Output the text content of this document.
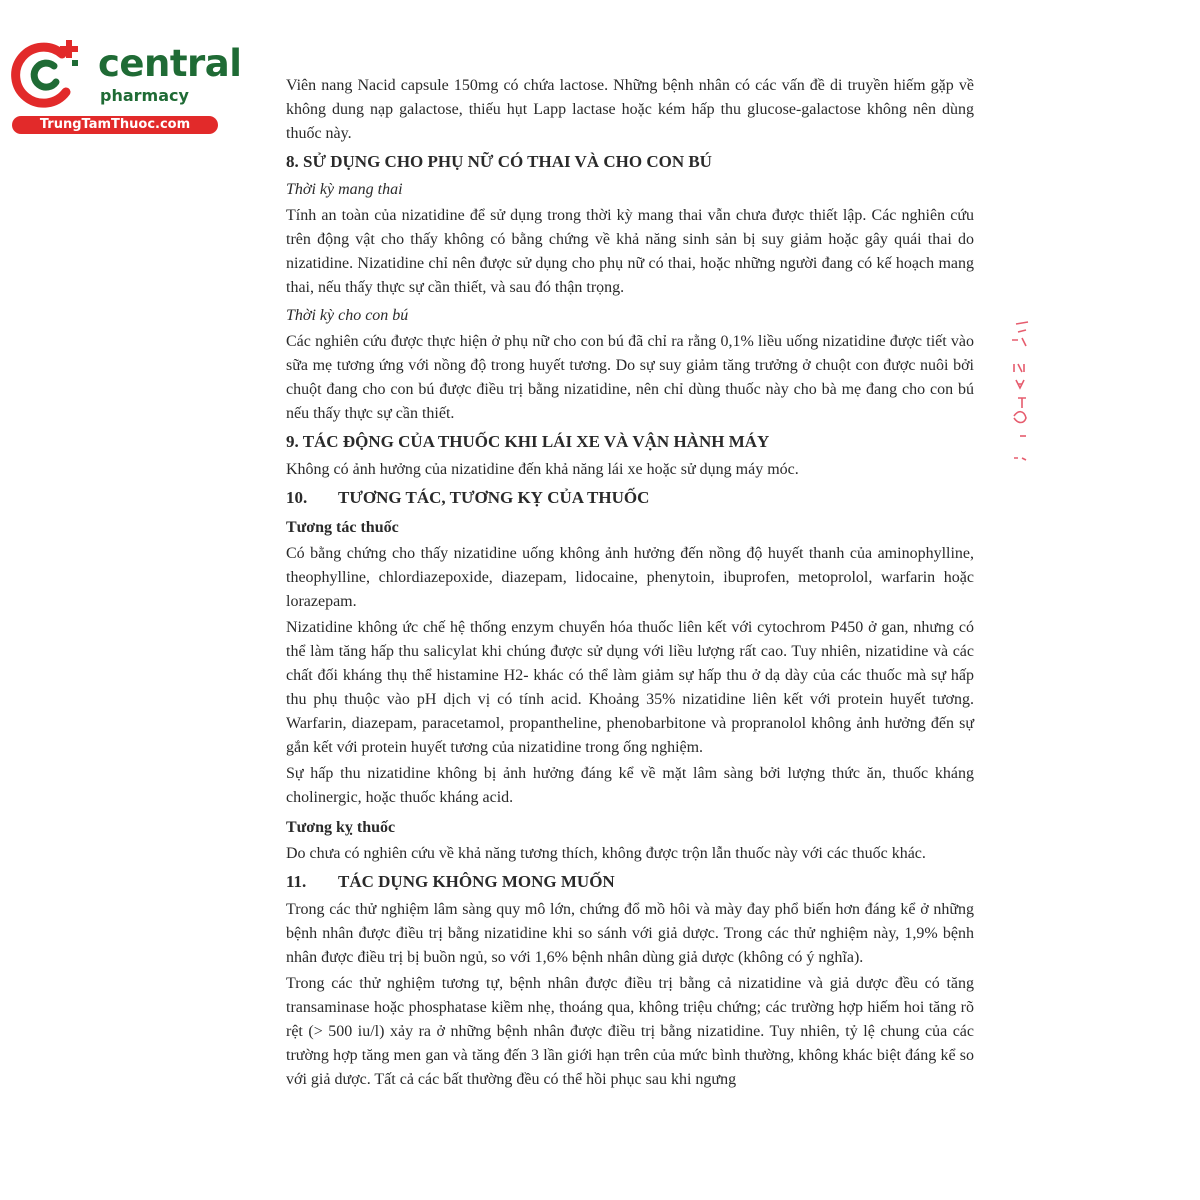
central
pharmacy
TrungTamThuoc.com

Viên nang Nacid capsule 150mg có chứa lactose. Những bệnh nhân có các vấn đề di truyền hiếm gặp về không dung nạp galactose, thiếu hụt Lapp lactase hoặc kém hấp thu glucose-galactose không nên dùng thuốc này.

8. SỬ DỤNG CHO PHỤ NỮ CÓ THAI VÀ CHO CON BÚ
Thời kỳ mang thai

Tính an toàn của nizatidine để sử dụng trong thời kỳ mang thai vẫn chưa được thiết lập. Các nghiên cứu trên động vật cho thấy không có bằng chứng về khả năng sinh sản bị suy giảm hoặc gây quái thai do nizatidine. Nizatidine chỉ nên được sử dụng cho phụ nữ có thai, hoặc những người đang có kế hoạch mang thai, nếu thấy thực sự cần thiết, và sau đó thận trọng.

Thời kỳ cho con bú

Các nghiên cứu được thực hiện ở phụ nữ cho con bú đã chỉ ra rằng 0,1% liều uống nizatidine được tiết vào sữa mẹ tương ứng với nồng độ trong huyết tương. Do sự suy giảm tăng trưởng ở chuột con được nuôi bởi chuột đang cho con bú được điều trị bằng nizatidine, nên chỉ dùng thuốc này cho bà mẹ đang cho con bú nếu thấy thực sự cần thiết.

9. TÁC ĐỘNG CỦA THUỐC KHI LÁI XE VÀ VẬN HÀNH MÁY

Không có ảnh hưởng của nizatidine đến khả năng lái xe hoặc sử dụng máy móc.

10. TƯƠNG TÁC, TƯƠNG KỴ CỦA THUỐC
Tương tác thuốc

Có bằng chứng cho thấy nizatidine uống không ảnh hưởng đến nồng độ huyết thanh của aminophylline, theophylline, chlordiazepoxide, diazepam, lidocaine, phenytoin, ibuprofen, metoprolol, warfarin hoặc lorazepam.

Nizatidine không ức chế hệ thống enzym chuyển hóa thuốc liên kết với cytochrom P450 ở gan, nhưng có thể làm tăng hấp thu salicylat khi chúng được sử dụng với liều lượng rất cao. Tuy nhiên, nizatidine và các chất đối kháng thụ thể histamine H2- khác có thể làm giảm sự hấp thu ở dạ dày của các thuốc mà sự hấp thu phụ thuộc vào pH dịch vị có tính acid. Khoảng 35% nizatidine liên kết với protein huyết tương. Warfarin, diazepam, paracetamol, propantheline, phenobarbitone và propranolol không ảnh hưởng đến sự gắn kết với protein huyết tương của nizatidine trong ống nghiệm.

Sự hấp thu nizatidine không bị ảnh hưởng đáng kể về mặt lâm sàng bởi lượng thức ăn, thuốc kháng cholinergic, hoặc thuốc kháng acid.

Tương kỵ thuốc

Do chưa có nghiên cứu về khả năng tương thích, không được trộn lẫn thuốc này với các thuốc khác.

11. TÁC DỤNG KHÔNG MONG MUỐN

Trong các thử nghiệm lâm sàng quy mô lớn, chứng đổ mồ hôi và mày đay phổ biến hơn đáng kể ở những bệnh nhân được điều trị bằng nizatidine khi so sánh với giả dược. Trong các thử nghiệm này, 1,9% bệnh nhân được điều trị bị buồn ngủ, so với 1,6% bệnh nhân dùng giả dược (không có ý nghĩa).

Trong các thử nghiệm tương tự, bệnh nhân được điều trị bằng cả nizatidine và giả dược đều có tăng transaminase hoặc phosphatase kiềm nhẹ, thoáng qua, không triệu chứng; các trường hợp hiếm hoi tăng rõ rệt (> 500 iu/l) xảy ra ở những bệnh nhân được điều trị bằng nizatidine. Tuy nhiên, tỷ lệ chung của các trường hợp tăng men gan và tăng đến 3 lần giới hạn trên của mức bình thường, không khác biệt đáng kể so với giả dược. Tất cả các bất thường đều có thể hồi phục sau khi ngưng
